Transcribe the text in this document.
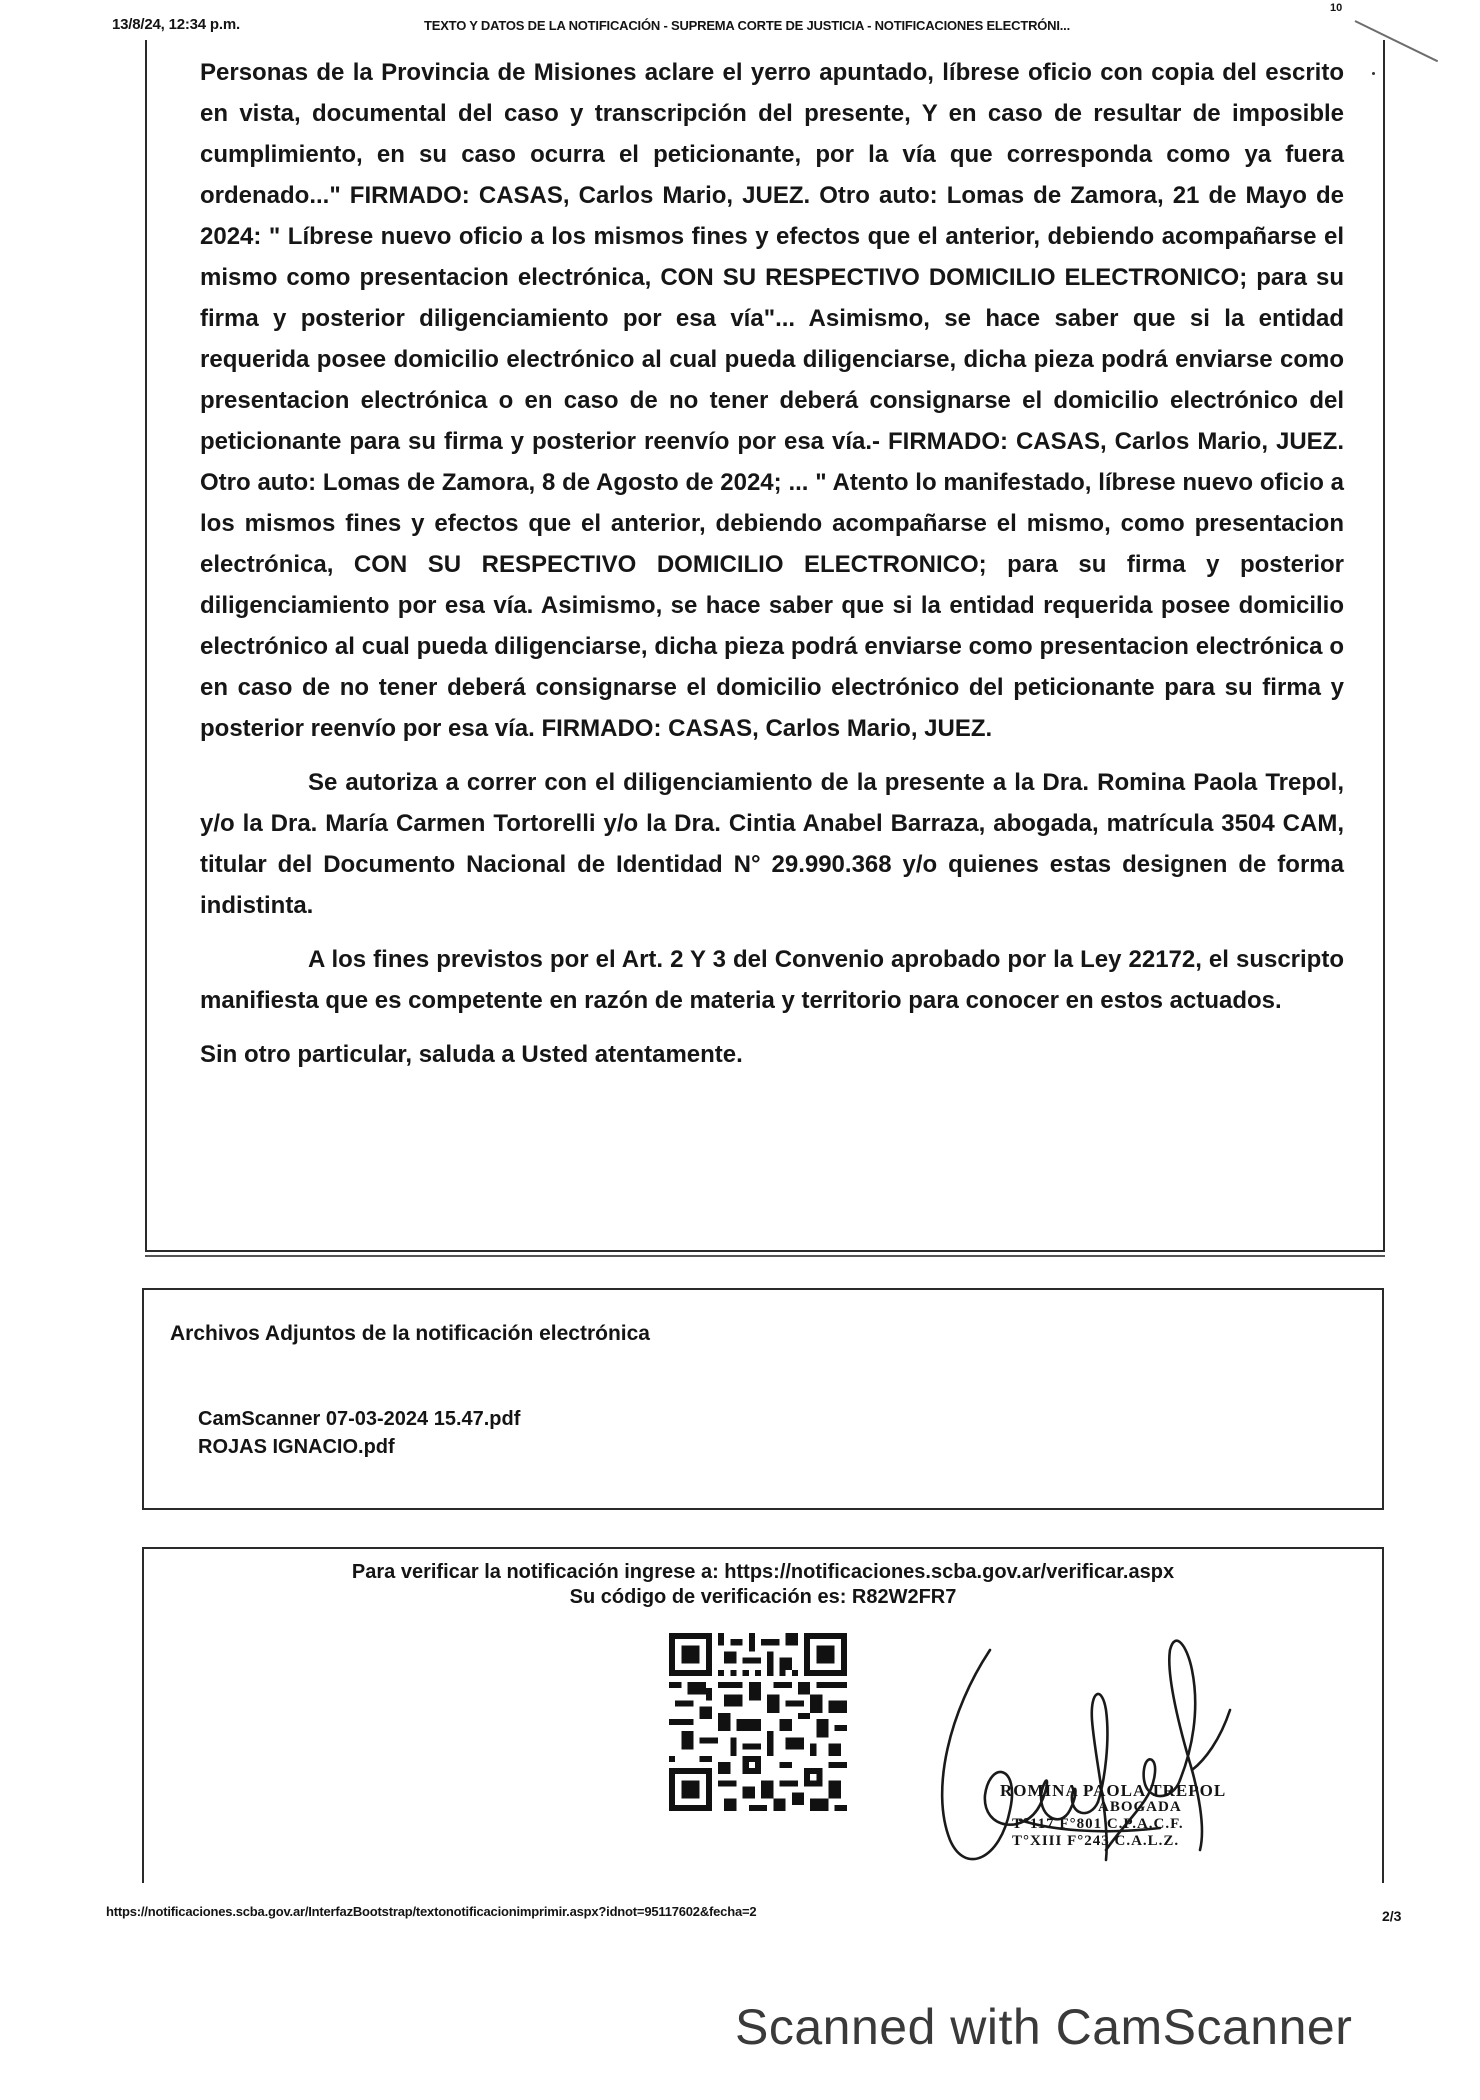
13/8/24, 12:34 p.m.	TEXTO Y DATOS DE LA NOTIFICACIÓN - SUPREMA CORTE DE JUSTICIA - NOTIFICACIONES ELECTRÓNI...
10

Personas de la Provincia de Misiones aclare el yerro apuntado, líbrese oficio con copia del escrito en vista, documental del caso y transcripción del presente, Y en caso de resultar de imposible cumplimiento, en su caso ocurra el peticionante, por la vía que corresponda como ya fuera ordenado..." FIRMADO: CASAS, Carlos Mario, JUEZ. Otro auto: Lomas de Zamora, 21 de Mayo de 2024: " Líbrese nuevo oficio a los mismos fines y efectos que el anterior, debiendo acompañarse el mismo como presentacion electrónica, CON SU RESPECTIVO DOMICILIO ELECTRONICO; para su firma y posterior diligenciamiento por esa vía"... Asimismo, se hace saber que si la entidad requerida posee domicilio electrónico al cual pueda diligenciarse, dicha pieza podrá enviarse como presentacion electrónica o en caso de no tener deberá consignarse el domicilio electrónico del peticionante para su firma y posterior reenvío por esa vía.- FIRMADO: CASAS, Carlos Mario, JUEZ. Otro auto: Lomas de Zamora, 8 de Agosto de 2024; ... " Atento lo manifestado, líbrese nuevo oficio a los mismos fines y efectos que el anterior, debiendo acompañarse el mismo, como presentacion electrónica, CON SU RESPECTIVO DOMICILIO ELECTRONICO; para su firma y posterior diligenciamiento por esa vía. Asimismo, se hace saber que si la entidad requerida posee domicilio electrónico al cual pueda diligenciarse, dicha pieza podrá enviarse como presentacion electrónica o en caso de no tener deberá consignarse el domicilio electrónico del peticionante para su firma y posterior reenvío por esa vía. FIRMADO: CASAS, Carlos Mario, JUEZ.

Se autoriza a correr con el diligenciamiento de la presente a la Dra. Romina Paola Trepol, y/o la Dra. María Carmen Tortorelli y/o la Dra. Cintia Anabel Barraza, abogada, matrícula 3504 CAM, titular del Documento Nacional de Identidad N° 29.990.368 y/o quienes estas designen de forma indistinta.

A los fines previstos por el Art. 2 Y 3 del Convenio aprobado por la Ley 22172, el suscripto manifiesta que es competente en razón de materia y territorio para conocer en estos actuados.

Sin otro particular, saluda a Usted atentamente.

Archivos Adjuntos de la notificación electrónica
CamScanner 07-03-2024 15.47.pdf
ROJAS IGNACIO.pdf
Para verificar la notificación ingrese a: https://notificaciones.scba.gov.ar/verificar.aspx
Su código de verificación es: R82W2FR7
ROMINA PAOLA TREPOL
ABOGADA
T°117 F°801 C.P.A.C.F.
T°XIII F°243 C.A.L.Z.
https://notificaciones.scba.gov.ar/InterfazBootstrap/textonotificacionimprimir.aspx?idnot=95117602&fecha=2	2/3
Scanned with CamScanner
